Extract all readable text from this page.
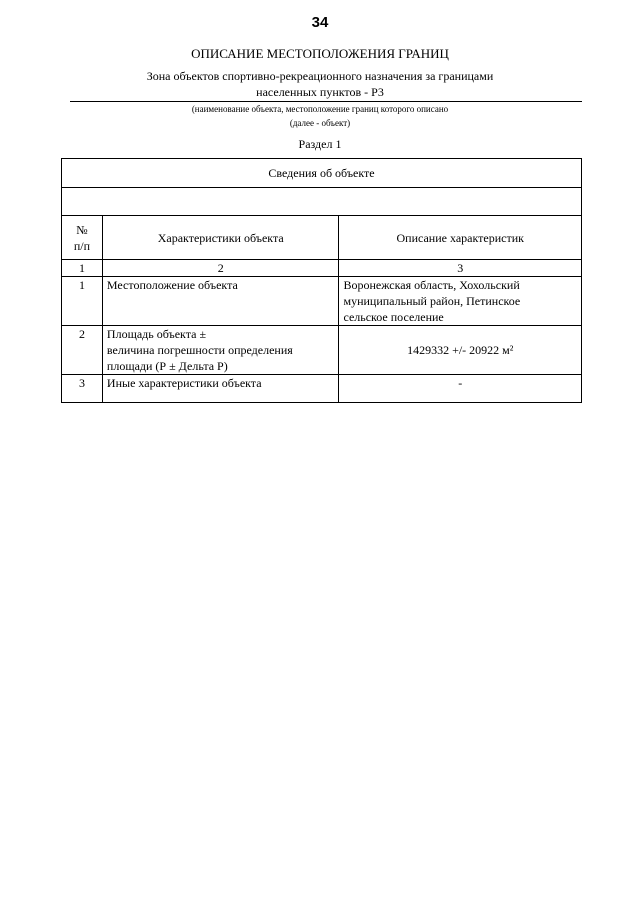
34
ОПИСАНИЕ МЕСТОПОЛОЖЕНИЯ ГРАНИЦ
Зона объектов спортивно-рекреационного назначения за границами
населенных пунктов - Р3
(наименование объекта, местоположение границ которого описано
(далее - объект)
Раздел 1
Сведения об объекте		

№
п/п	Характеристики объекта	Описание характеристик
1	2	3
1	Местоположение объекта	Воронежская область, Хохольский
муниципальный район, Петинское
сельское поселение

2	Площадь объекта ±
величина погрешности определения
площади (Р ± Дельта Р)	1429332 +/- 20922 м²
3	Иные характеристики объекта	-
